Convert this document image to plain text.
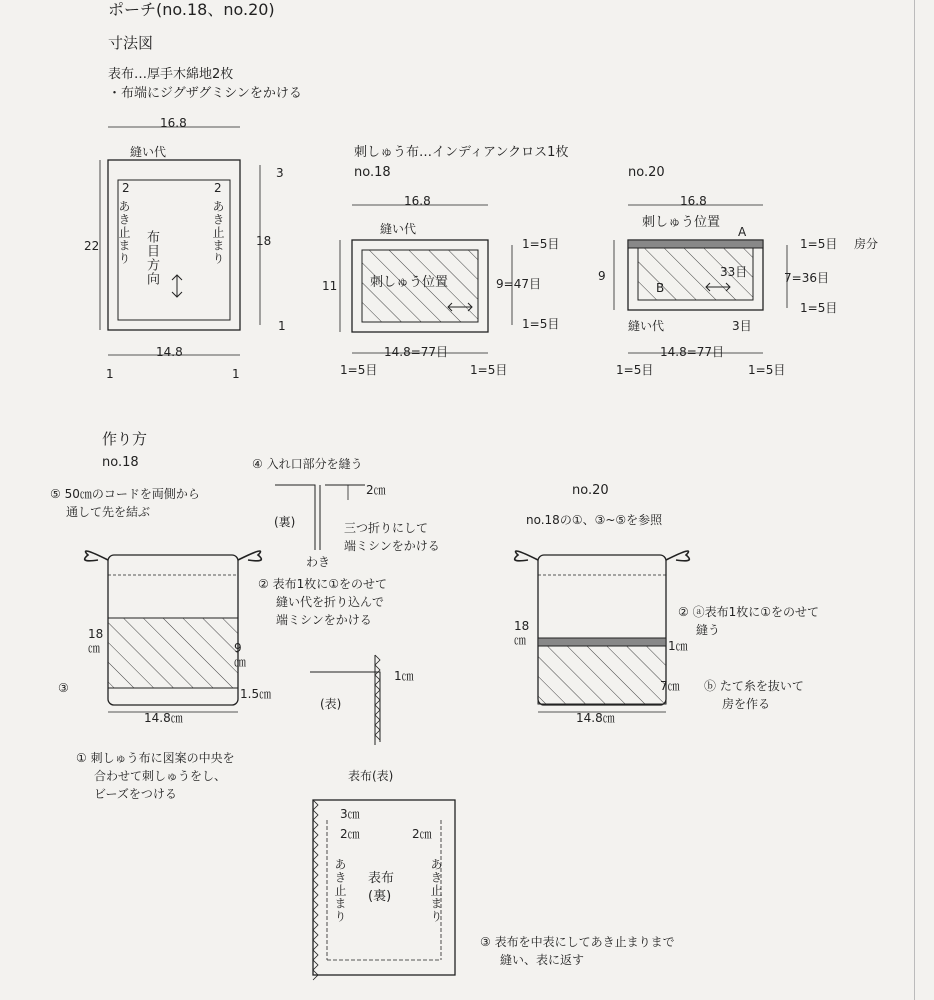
ポーチ(no.18、no.20)
寸法図
表布…厚手木綿地2枚
・布端にジグザグミシンをかける
刺しゅう布…インディアンクロス1枚
16.8
縫い代
2	2
あき止まり	あき止まり
布目方向
22	18
3
1
14.8
1	1
no.18
16.8
縫い代
11	刺しゅう位置	9=47目
1=5目
1=5目
14.8=77目
1=5目	1=5目
no.20
16.8
刺しゅう位置
A
B
33目
9
1=5目 房分
7=36目
1=5目
縫い代	3目
14.8=77目
1=5目	1=5目
作り方
no.18
⑤ 50㎝のコードを両側から
通して先を結ぶ
④ 入れ口部分を縫う
2㎝
(裏)	三つ折りにして
端ミシンをかける
わき
② 表布1枚に①をのせて
縫い代を折り込んで
端ミシンをかける
1㎝
(表)
表布(表)
18
㎝	9
㎝
1.5㎝
14.8㎝
③
① 刺しゅう布に図案の中央を
合わせて刺しゅうをし、
ビーズをつける
no.20
no.18の①、③~⑤を参照
② ⓐ表布1枚に①をのせて
縫う
18
㎝	1㎝
7㎝ ⓑ たて糸を抜いて
房を作る
14.8㎝
3㎝
2㎝	2㎝
あき止まり	あき止まり
表布
(裏)
③ 表布を中表にしてあき止まりまで
縫い、表に返す
